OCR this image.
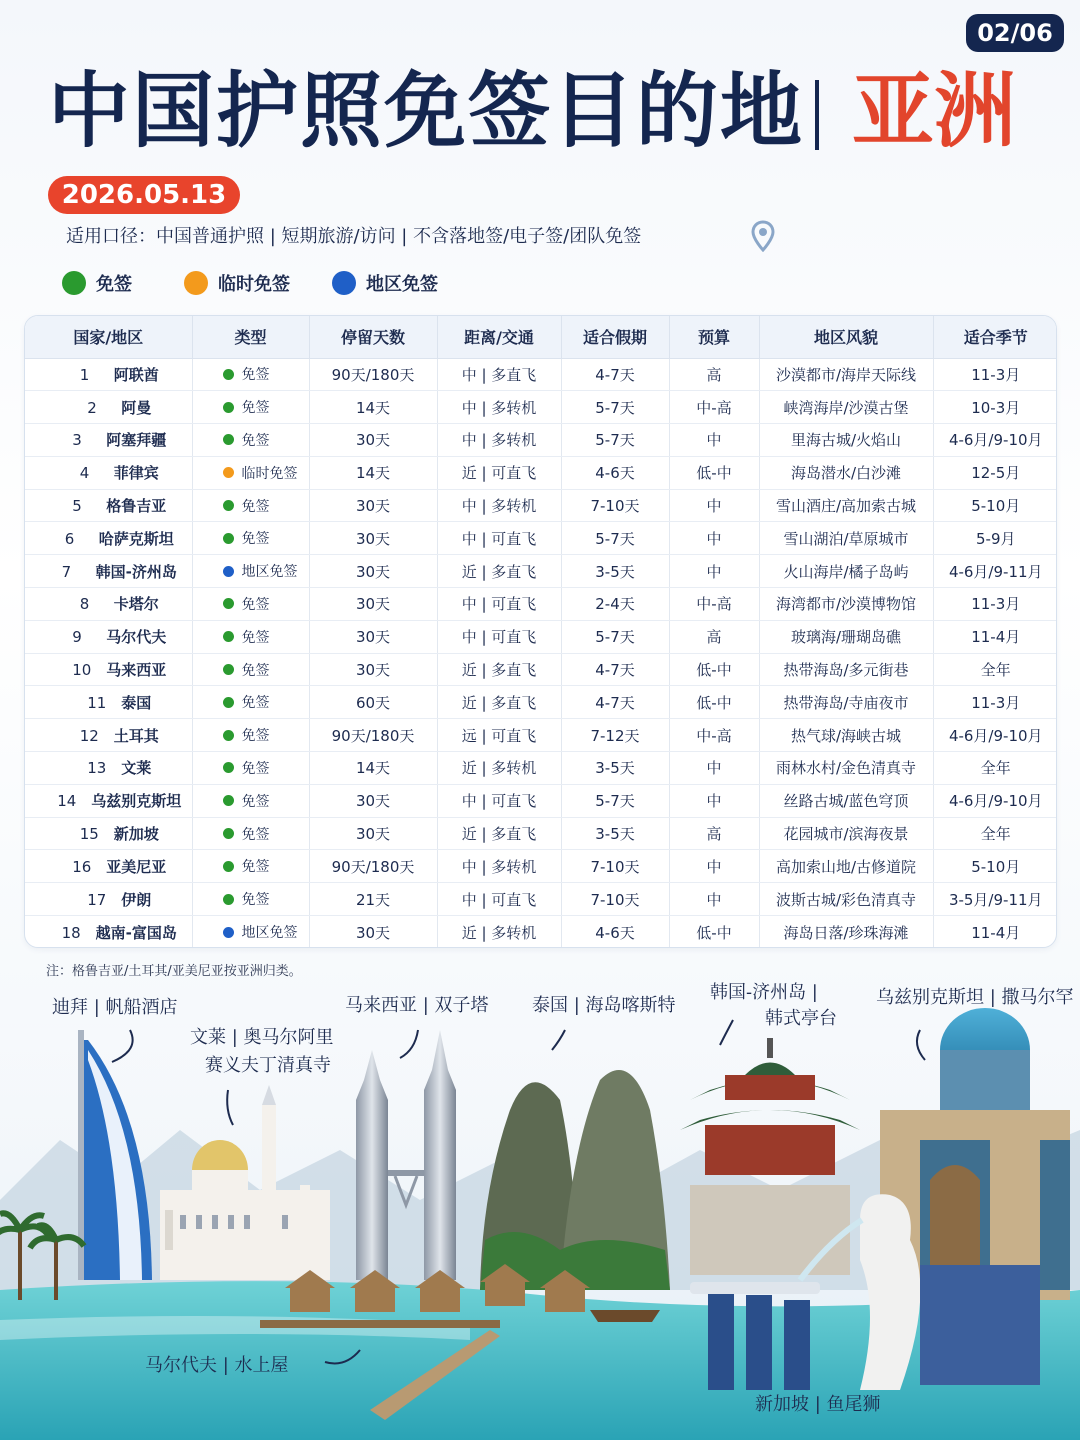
02/06
中国护照免签目的地 亚洲
2026.05.13
适用口径：中国普通护照 | 短期旅游/访问 | 不含落地签/电子签/团队免签
免签	临时免签	地区免签
国家/地区	类型	停留天数	距离/交通	适合假期	预算	地区风貌	适合季节
1 阿联酋	免签	90天/180天	中 | 多直飞	4-7天	高	沙漠都市/海岸天际线	11-3月
2 阿曼	免签	14天	中 | 多转机	5-7天	中-高	峡湾海岸/沙漠古堡	10-3月
3 阿塞拜疆	免签	30天	中 | 多转机	5-7天	中	里海古城/火焰山	4-6月/9-10月
4 菲律宾	临时免签	14天	近 | 可直飞	4-6天	低-中	海岛潜水/白沙滩	12-5月
5 格鲁吉亚	免签	30天	中 | 多转机	7-10天	中	雪山酒庄/高加索古城	5-10月
6 哈萨克斯坦	免签	30天	中 | 可直飞	5-7天	中	雪山湖泊/草原城市	5-9月
7 韩国-济州岛	地区免签	30天	近 | 多直飞	3-5天	中	火山海岸/橘子岛屿	4-6月/9-11月
8 卡塔尔	免签	30天	中 | 可直飞	2-4天	中-高	海湾都市/沙漠博物馆	11-3月
9 马尔代夫	免签	30天	中 | 可直飞	5-7天	高	玻璃海/珊瑚岛礁	11-4月
10 马来西亚	免签	30天	近 | 多直飞	4-7天	低-中	热带海岛/多元街巷	全年
11 泰国	免签	60天	近 | 多直飞	4-7天	低-中	热带海岛/寺庙夜市	11-3月
12 土耳其	免签	90天/180天	远 | 可直飞	7-12天	中-高	热气球/海峡古城	4-6月/9-10月
13 文莱	免签	14天	近 | 多转机	3-5天	中	雨林水村/金色清真寺	全年
14 乌兹别克斯坦	免签	30天	中 | 可直飞	5-7天	中	丝路古城/蓝色穹顶	4-6月/9-10月
15 新加坡	免签	30天	近 | 多直飞	3-5天	高	花园城市/滨海夜景	全年
16 亚美尼亚	免签	90天/180天	中 | 多转机	7-10天	中	高加索山地/古修道院	5-10月
17 伊朗	免签	21天	中 | 可直飞	7-10天	中	波斯古城/彩色清真寺	3-5月/9-11月
18 越南-富国岛	地区免签	30天	近 | 多转机	4-6天	低-中	海岛日落/珍珠海滩	11-4月
注：格鲁吉亚/土耳其/亚美尼亚按亚洲归类。
迪拜 | 帆船酒店
文莱 | 奥马尔阿里
赛义夫丁清真寺
马来西亚 | 双子塔 泰国 | 海岛喀斯特
韩国-济州岛 |
韩式亭台
乌兹别克斯坦 | 撒马尔罕
马尔代夫 | 水上屋
新加坡 | 鱼尾狮
